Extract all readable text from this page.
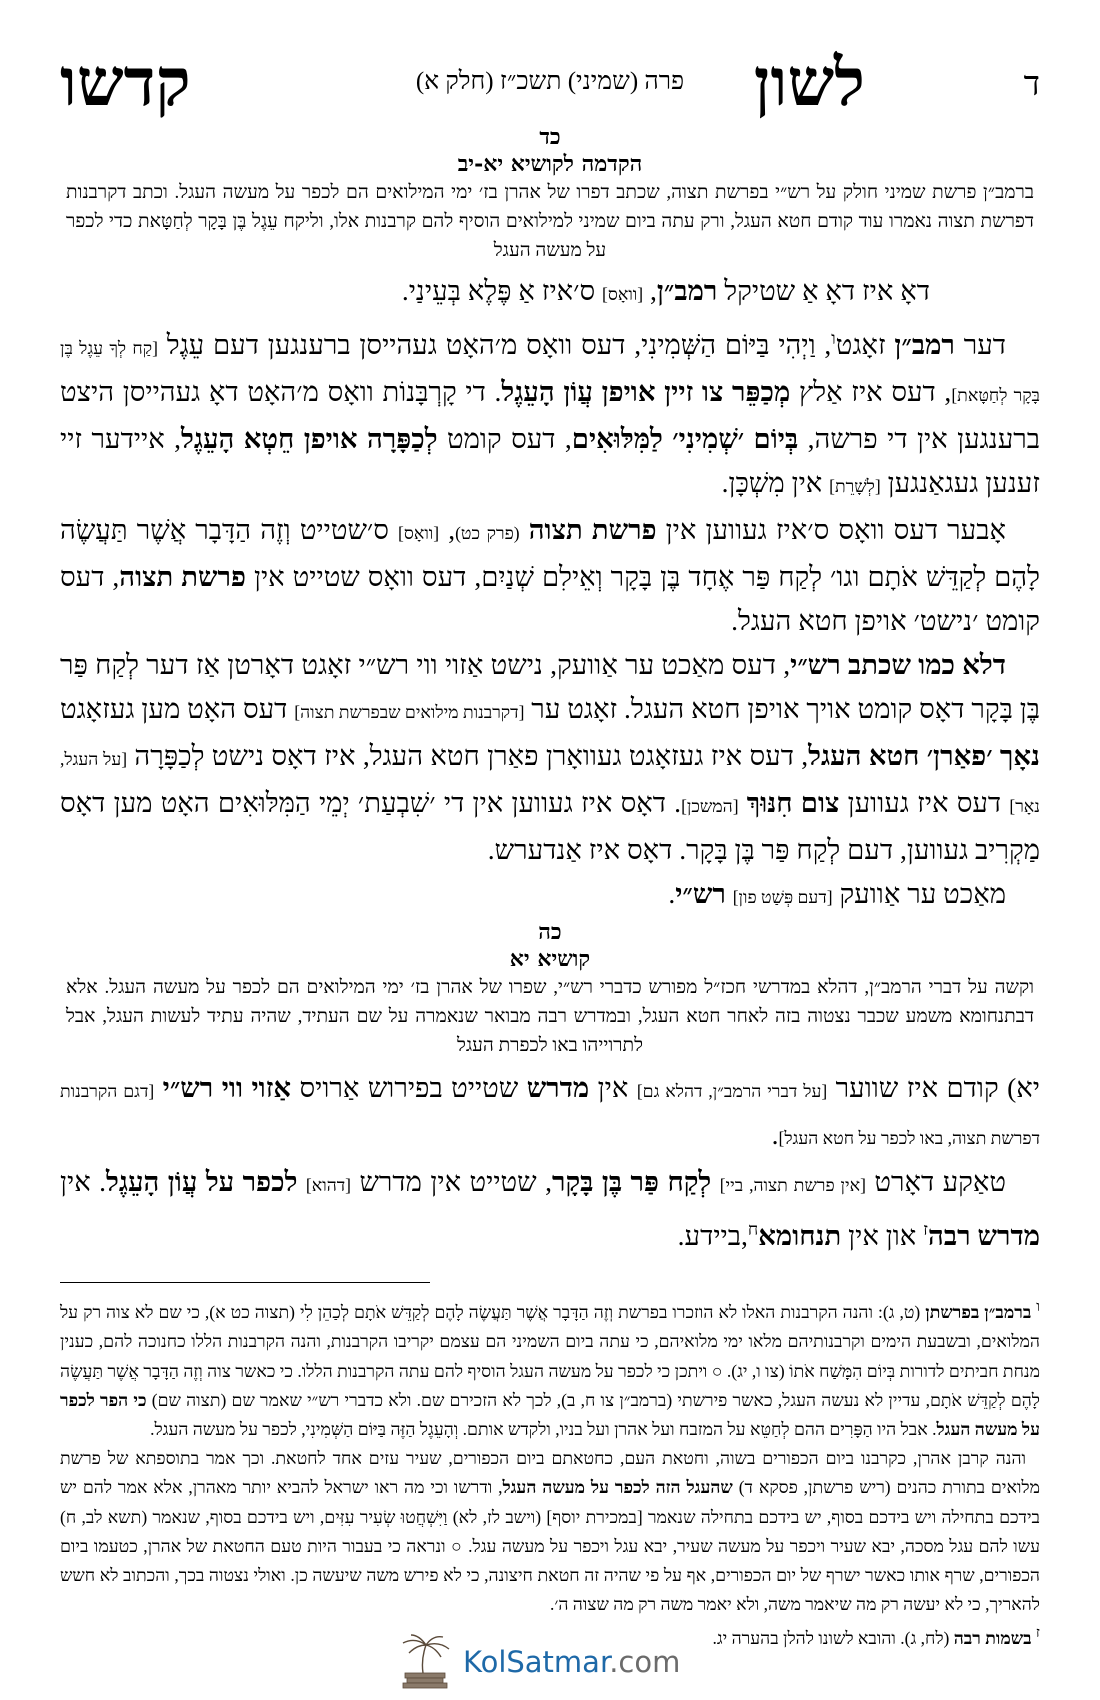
ד
לשון
פרה (שמיני) תשכ״ז (חלק א)
קדשו
כד
הקדמה לקושיא יא-יב
ברמב״ן פרשת שמיני חולק על רש״י בפרשת תצוה, שכתב דפרו של אהרן בז׳ ימי המילואים הם לכפר על מעשה העגל. וכתב דקרבנות דפרשת תצוה נאמרו עוד קודם חטא העגל, ורק עתה ביום שמיני למילואים הוסיף להם קרבנות אלו, וליקח עֵגֶל בֶּן בָּקָר לְחַטָּאת כדי לכפר על מעשה העגל

דאָ איז דאָ אַ שטיקל רמב״ן, [וואָס] ס׳איז אַ פֶּלֶא בְּעֵינַי.

דער רמב״ן זאָגט$^ו$, וַיְהִי בַּיּוֹם הַשְּׁמִינִי, דעס וואָס מ׳האָט געהייסן ברענגען דעם עֵגֶל [קַח לְךָ עֵגֶל בֶּן בָּקָר לְחַטָּאת], דעס איז אַלץ מְכַפֵּר צו זיין אויפן עֲוֹן הָעֵגֶל. די קָרְבָּנוֹת וואָס מ׳האָט דאָ געהייסן היצט ברענגען אין די פרשה, בְּיוֹם ׳שְׁמִינִי׳ לַמִּלּוּאִים, דעס קומט לְכַפָּרָה אויפן חֵטְא הָעֵגֶל, איידער זיי זענען געגאַנגען [לְשָׁרֵת] אין מִשְׁכָּן.

אָבער דעס וואָס ס׳איז געווען אין פרשת תצוה (פרק כט), [וואָס] ס׳שטייט וְזֶה הַדָּבָר אֲשֶׁר תַּעֲשֶׂה לָהֶם לְקַדֵּשׁ אֹתָם וגו׳ לְקַח פַּר אֶחָד בֶּן בָּקָר וְאֵילִם שְׁנַיִם, דעס וואָס שטייט אין פרשת תצוה, דעס קומט ׳נישט׳ אויפן חטא העגל.

דלא כמו שכתב רש״י, דעס מאַכט ער אַוועק, נישט אַזוי ווי רש״י זאָגט דאָרטן אַז דער לְקַח פַּר בֶּן בָּקָר דאָס קומט אויך אויפן חטא העגל. זאָגט ער [דקרבנות מילואים שבפרשת תצוה] דעס האָט מען געזאָגט נאָך ׳פאַרן׳ חטא העגל, דעס איז געזאָגט געוואָרן פאַרן חטא העגל, איז דאָס נישט לְכַפָּרָה [על העגל, נאָר] דעס איז געווען צום חִנּוּךְ [המשכן]. דאָס איז געווען אין די ׳שִׁבְעַת׳ יְמֵי הַמִּלּוּאִים האָט מען דאָס מַקְרִיב געווען, דעם לְקַח פַּר בֶּן בָּקָר. דאָס איז אַנדערש.

מאַכט ער אַוועק [דעם פְּשַׁט פון] רש״י.

כה
קושיא יא
וקשה על דברי הרמב״ן, דהלא במדרשי חכז״ל מפורש כדברי רש״י, שפרו של אהרן בז׳ ימי המילואים הם לכפר על מעשה העגל. אלא דבתנחומא משמע שכבר נצטוה בזה לאחר חטא העגל, ובמדרש רבה מבואר שנאמרה על שם העתיד, שהיה עתיד לעשות העגל, אבל לתרוייהו באו לכפרת העגל

יא) קודם איז שווער [על דברי הרמב״ן, דהלא גם] אין מדרש שטייט בפירוש אַרויס אַזוי ווי רש״י [דגם הקרבנות דפרשת תצוה, באו לכפר על חטא העגל].

טאַקע דאָרט [אין פרשת תצוה, ביי] לְקַח פַּר בֶּן בָּקָר, שטייט אין מדרש [דהוא] לכפר על עֲוֹן הָעֵגֶל. אין מדרש רבה$^ז$ און אין תנחומא$^ח$,ביידע.

$^ו$ ברמב״ן בפרשתן (ט, ג): והנה הקרבנות האלו לא הוזכרו בפרשת וְזֶה הַדָּבָר אֲשֶׁר תַּעֲשֶׂה לָהֶם לְקַדֵּשׁ אֹתָם לְכַהֵן לִי (תצוה כט א), כי שם לא צוה רק על המלואים, ובשבעת הימים וקרבנותיהם מלאו ימי מלואיהם, כי עתה ביום השמיני הם עצמם יקריבו הקרבנות, והנה הקרבנות הללו כחנוכה להם, כענין מנחת חביתים לדורות בְּיוֹם הִמָּשַׁח אֹתוֹ (צו ו, יג). ○ ויתכן כי לכפר על מעשה העגל הוסיף להם עתה הקרבנות הללו. כי כאשר צוה וְזֶה הַדָּבָר אֲשֶׁר תַּעֲשֶׂה לָהֶם לְקַדֵּשׁ אֹתָם, עדיין לא נעשה העגל, כאשר פירשתי (ברמב״ן צו ח, ב), לכך לא הזכירם שם. ולא כדברי רש״י שאמר שם (תצוה שם) כי הפר לכפר על מעשה העגל. אבל היו הַפָּרִים ההם לְחַטֵּא על המזבח ועל אהרן ועל בניו, ולקדש אותם. וְהָעֵגֶל הַזֶּה בַּיּוֹם הַשְּׁמִינִי, לכפר על מעשה העגל.

והנה קרבן אהרן, כקרבנו ביום הכפורים בשוה, וחטאת העם, כחטאתם ביום הכפורים, שעיר עזים אחד לחטאת. וכך אמר בתוספתא של פרשת מלואים בתורת כהנים (ריש פרשתן, פסקא ד) שהעגל הזה לכפר על מעשה העגל, ודרשו וכי מה ראו ישראל להביא יותר מאהרן, אלא אמר להם יש בידכם בתחילה ויש בידכם בסוף, יש בידכם בתחילה שנאמר [במכירת יוסף] (וישב לז, לא) וַיִּשְׁחֲטוּ שְׂעִיר עִזִּים, ויש בידכם בסוף, שנאמר (תשא לב, ח) עשו להם עגל מסכה, יבא שעיר ויכפר על מעשה שעיר, יבא עגל ויכפר על מעשה עגל. ○ ונראה כי בעבור היות טעם החטאת של אהרן, כטעמו ביום הכפורים, שרף אותו כאשר ישרף של יום הכפורים, אף על פי שהיה זה חטאת חיצונה, כי לא פירש משה שיעשה כן. ואולי נצטוה בכך, והכתוב לא חשש להאריך, כי לא יעשה רק מה שיאמר משה, ולא יאמר משה רק מה שצוה ה׳.

$^ז$ בשמות רבה (לח, ג). והובא לשונו להלן בהערה יג.

KolSatmar.com
